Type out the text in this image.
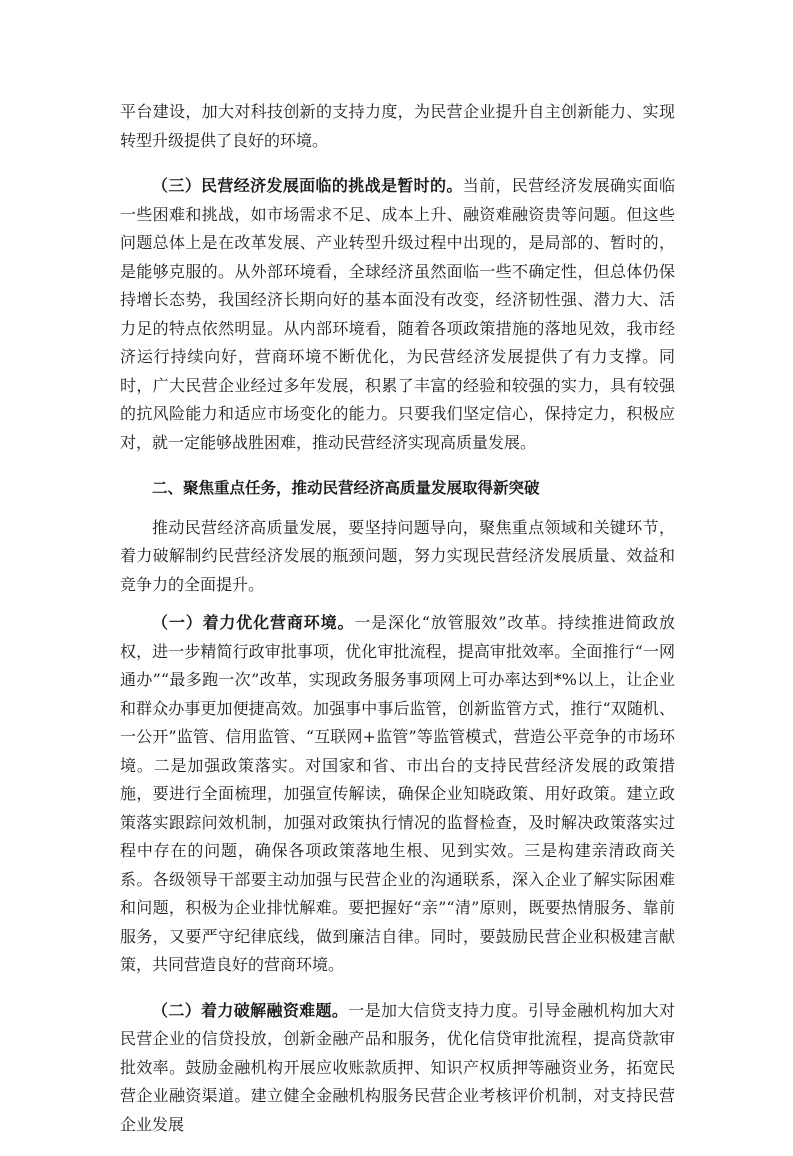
平台建设，加大对科技创新的支持力度，为民营企业提升自主创新能力、实现转型升级提供了良好的环境。

（三）民营经济发展面临的挑战是暂时的。当前，民营经济发展确实面临一些困难和挑战，如市场需求不足、成本上升、融资难融资贵等问题。但这些问题总体上是在改革发展、产业转型升级过程中出现的，是局部的、暂时的，是能够克服的。从外部环境看，全球经济虽然面临一些不确定性，但总体仍保持增长态势，我国经济长期向好的基本面没有改变，经济韧性强、潜力大、活力足的特点依然明显。从内部环境看，随着各项政策措施的落地见效，我市经济运行持续向好，营商环境不断优化，为民营经济发展提供了有力支撑。同时，广大民营企业经过多年发展，积累了丰富的经验和较强的实力，具有较强的抗风险能力和适应市场变化的能力。只要我们坚定信心，保持定力，积极应对，就一定能够战胜困难，推动民营经济实现高质量发展。

二、聚焦重点任务，推动民营经济高质量发展取得新突破

推动民营经济高质量发展，要坚持问题导向，聚焦重点领域和关键环节，着力破解制约民营经济发展的瓶颈问题，努力实现民营经济发展质量、效益和竞争力的全面提升。

（一）着力优化营商环境。一是深化“放管服效”改革。持续推进简政放权，进一步精简行政审批事项，优化审批流程，提高审批效率。全面推行“一网通办”“最多跑一次”改革，实现政务服务事项网上可办率达到*%以上，让企业和群众办事更加便捷高效。加强事中事后监管，创新监管方式，推行“双随机、一公开”监管、信用监管、“互联网+监管”等监管模式，营造公平竞争的市场环境。二是加强政策落实。对国家和省、市出台的支持民营经济发展的政策措施，要进行全面梳理，加强宣传解读，确保企业知晓政策、用好政策。建立政策落实跟踪问效机制，加强对政策执行情况的监督检查，及时解决政策落实过程中存在的问题，确保各项政策落地生根、见到实效。三是构建亲清政商关系。各级领导干部要主动加强与民营企业的沟通联系，深入企业了解实际困难和问题，积极为企业排忧解难。要把握好“亲”“清”原则，既要热情服务、靠前服务，又要严守纪律底线，做到廉洁自律。同时，要鼓励民营企业积极建言献策，共同营造良好的营商环境。

（二）着力破解融资难题。一是加大信贷支持力度。引导金融机构加大对民营企业的信贷投放，创新金融产品和服务，优化信贷审批流程，提高贷款审批效率。鼓励金融机构开展应收账款质押、知识产权质押等融资业务，拓宽民营企业融资渠道。建立健全金融机构服务民营企业考核评价机制，对支持民营企业发展
